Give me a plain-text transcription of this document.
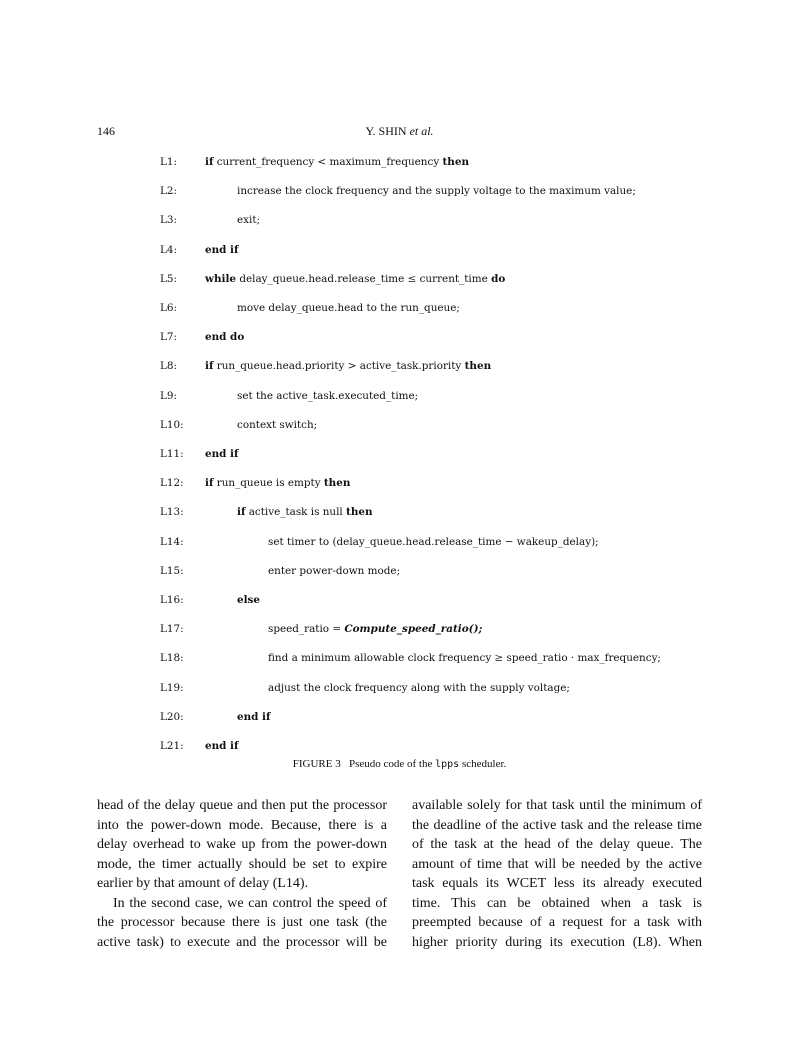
146	Y. SHIN et al.
L1:	if current_frequency < maximum_frequency then
L2:	increase the clock frequency and the supply voltage to the maximum value;
L3:	exit;
L4:	end if
L5:	while delay_queue.head.release_time ≤ current_time do
L6:	move delay_queue.head to the run_queue;
L7:	end do
L8:	if run_queue.head.priority > active_task.priority then
L9:	set the active_task.executed_time;
L10:	context switch;
L11: end if
L12: if run_queue is empty then
L13:	if active_task is null then
L14:	set timer to (delay_queue.head.release_time − wakeup_delay);
L15:	enter power-down mode;
L16:	else
L17:	speed_ratio = Compute_speed_ratio();
L18:	find a minimum allowable clock frequency ≥ speed_ratio · max_frequency;
L19:	adjust the clock frequency along with the supply voltage;
L20:	end if
L21: end if
FIGURE 3 Pseudo code of the lpps scheduler.

head of the delay queue and then put the processor

into the power-down mode. Because, there is a

delay overhead to wake up from the power-down

mode, the timer actually should be set to expire

earlier by that amount of delay (L14).

In the second case, we can control the speed of

the processor because there is just one task (the

active task) to execute and the processor will be

available solely for that task until the minimum of

the deadline of the active task and the release time

of the task at the head of the delay queue. The

amount of time that will be needed by the active

task equals its WCET less its already executed

time. This can be obtained when a task is

preempted because of a request for a task with

higher priority during its execution (L8). When
